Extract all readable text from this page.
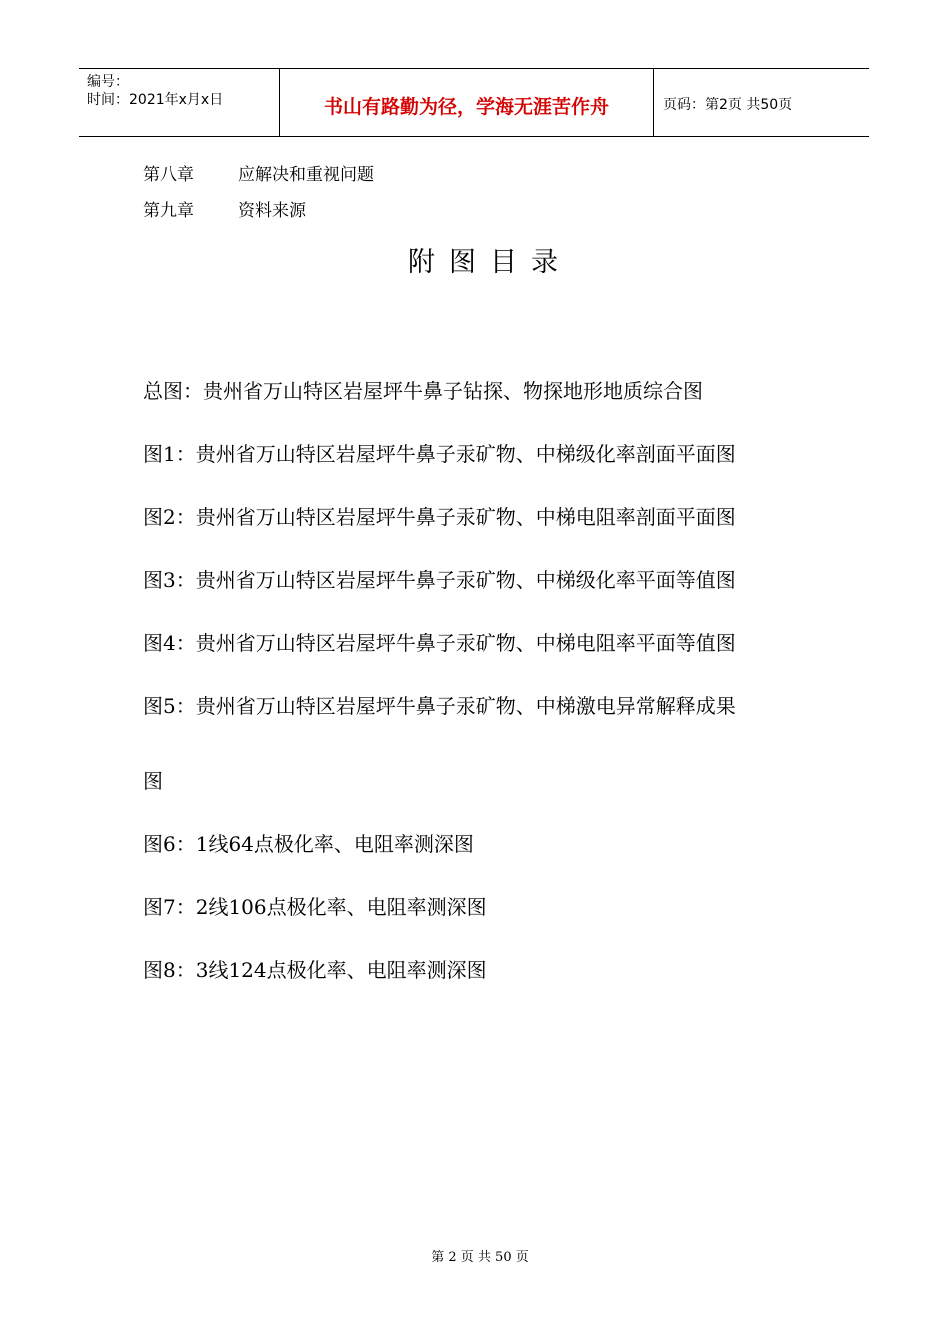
编号：
时间：2021年x月x日	书山有路勤为径，学海无涯苦作舟	页码：第2页 共50页
第八章	应解决和重视问题
第九章	资料来源
附图目录
总图：贵州省万山特区岩屋坪牛鼻子钻探、物探地形地质综合图
图1：贵州省万山特区岩屋坪牛鼻子汞矿物、中梯级化率剖面平面图
图2：贵州省万山特区岩屋坪牛鼻子汞矿物、中梯电阻率剖面平面图
图3：贵州省万山特区岩屋坪牛鼻子汞矿物、中梯级化率平面等值图
图4：贵州省万山特区岩屋坪牛鼻子汞矿物、中梯电阻率平面等值图
图5：贵州省万山特区岩屋坪牛鼻子汞矿物、中梯激电异常解释成果
图
图6：1线64点极化率、电阻率测深图
图7：2线106点极化率、电阻率测深图
图8：3线124点极化率、电阻率测深图
第 2 页 共 50 页
